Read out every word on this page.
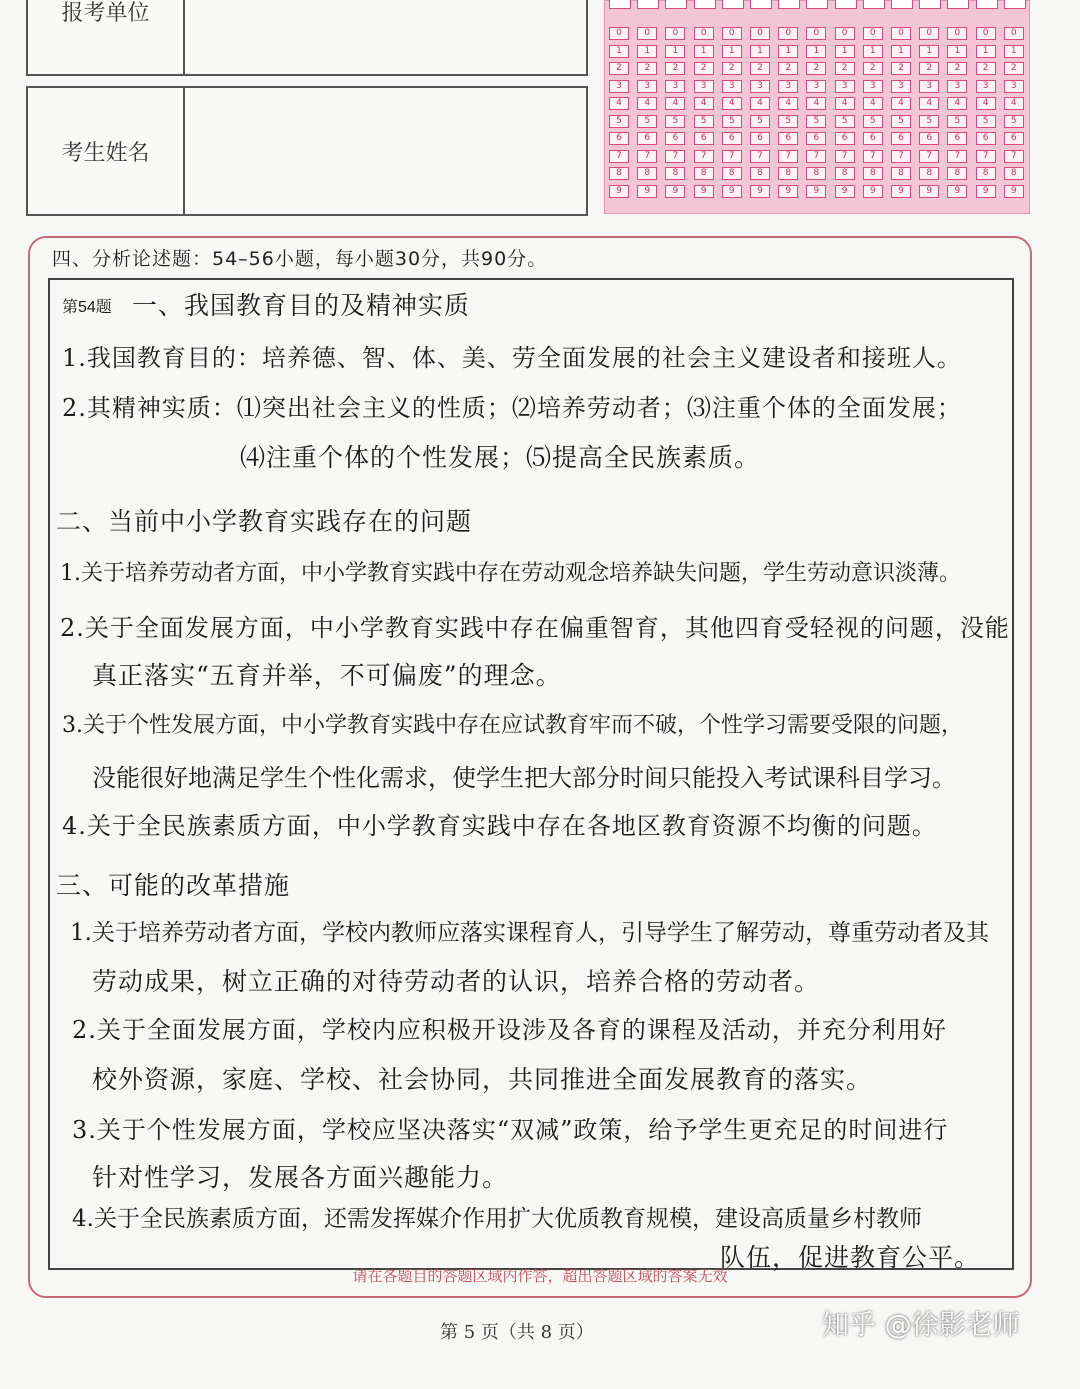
报考单位
考生姓名
0
1
2
3
4
5
6
7
8
9
0
1
2
3
4
5
6
7
8
9
0
1
2
3
4
5
6
7
8
9
0
1
2
3
4
5
6
7
8
9
0
1
2
3
4
5
6
7
8
9
0
1
2
3
4
5
6
7
8
9
0
1
2
3
4
5
6
7
8
9
0
1
2
3
4
5
6
7
8
9
0
1
2
3
4
5
6
7
8
9
0
1
2
3
4
5
6
7
8
9
0
1
2
3
4
5
6
7
8
9
0
1
2
3
4
5
6
7
8
9
0
1
2
3
4
5
6
7
8
9
0
1
2
3
4
5
6
7
8
9
0
1
2
3
4
5
6
7
8
9
四、分析论述题：54–56小题，每小题30分，共90分。
第54题 一、我国教育目的及精神实质
1.我国教育目的：培养德、智、体、美、劳全面发展的社会主义建设者和接班人。
2.其精神实质：⑴突出社会主义的性质；⑵培养劳动者；⑶注重个体的全面发展；
⑷注重个体的个性发展；⑸提高全民族素质。
二、当前中小学教育实践存在的问题
1.关于培养劳动者方面，中小学教育实践中存在劳动观念培养缺失问题，学生劳动意识淡薄。
2.关于全面发展方面，中小学教育实践中存在偏重智育，其他四育受轻视的问题，没能
真正落实“五育并举，不可偏废”的理念。
3.关于个性发展方面，中小学教育实践中存在应试教育牢而不破，个性学习需要受限的问题，
没能很好地满足学生个性化需求，使学生把大部分时间只能投入考试课科目学习。
4.关于全民族素质方面，中小学教育实践中存在各地区教育资源不均衡的问题。
三、可能的改革措施
1.关于培养劳动者方面，学校内教师应落实课程育人，引导学生了解劳动，尊重劳动者及其
劳动成果，树立正确的对待劳动者的认识，培养合格的劳动者。
2.关于全面发展方面，学校内应积极开设涉及各育的课程及活动，并充分利用好
校外资源，家庭、学校、社会协同，共同推进全面发展教育的落实。
3.关于个性发展方面，学校应坚决落实“双减”政策，给予学生更充足的时间进行
针对性学习，发展各方面兴趣能力。
4.关于全民族素质方面，还需发挥媒介作用扩大优质教育规模，建设高质量乡村教师
队伍，促进教育公平。
请在各题目的答题区域内作答，超出答题区域的答案无效
第 5 页（共 8 页）	知乎 @徐影老师
